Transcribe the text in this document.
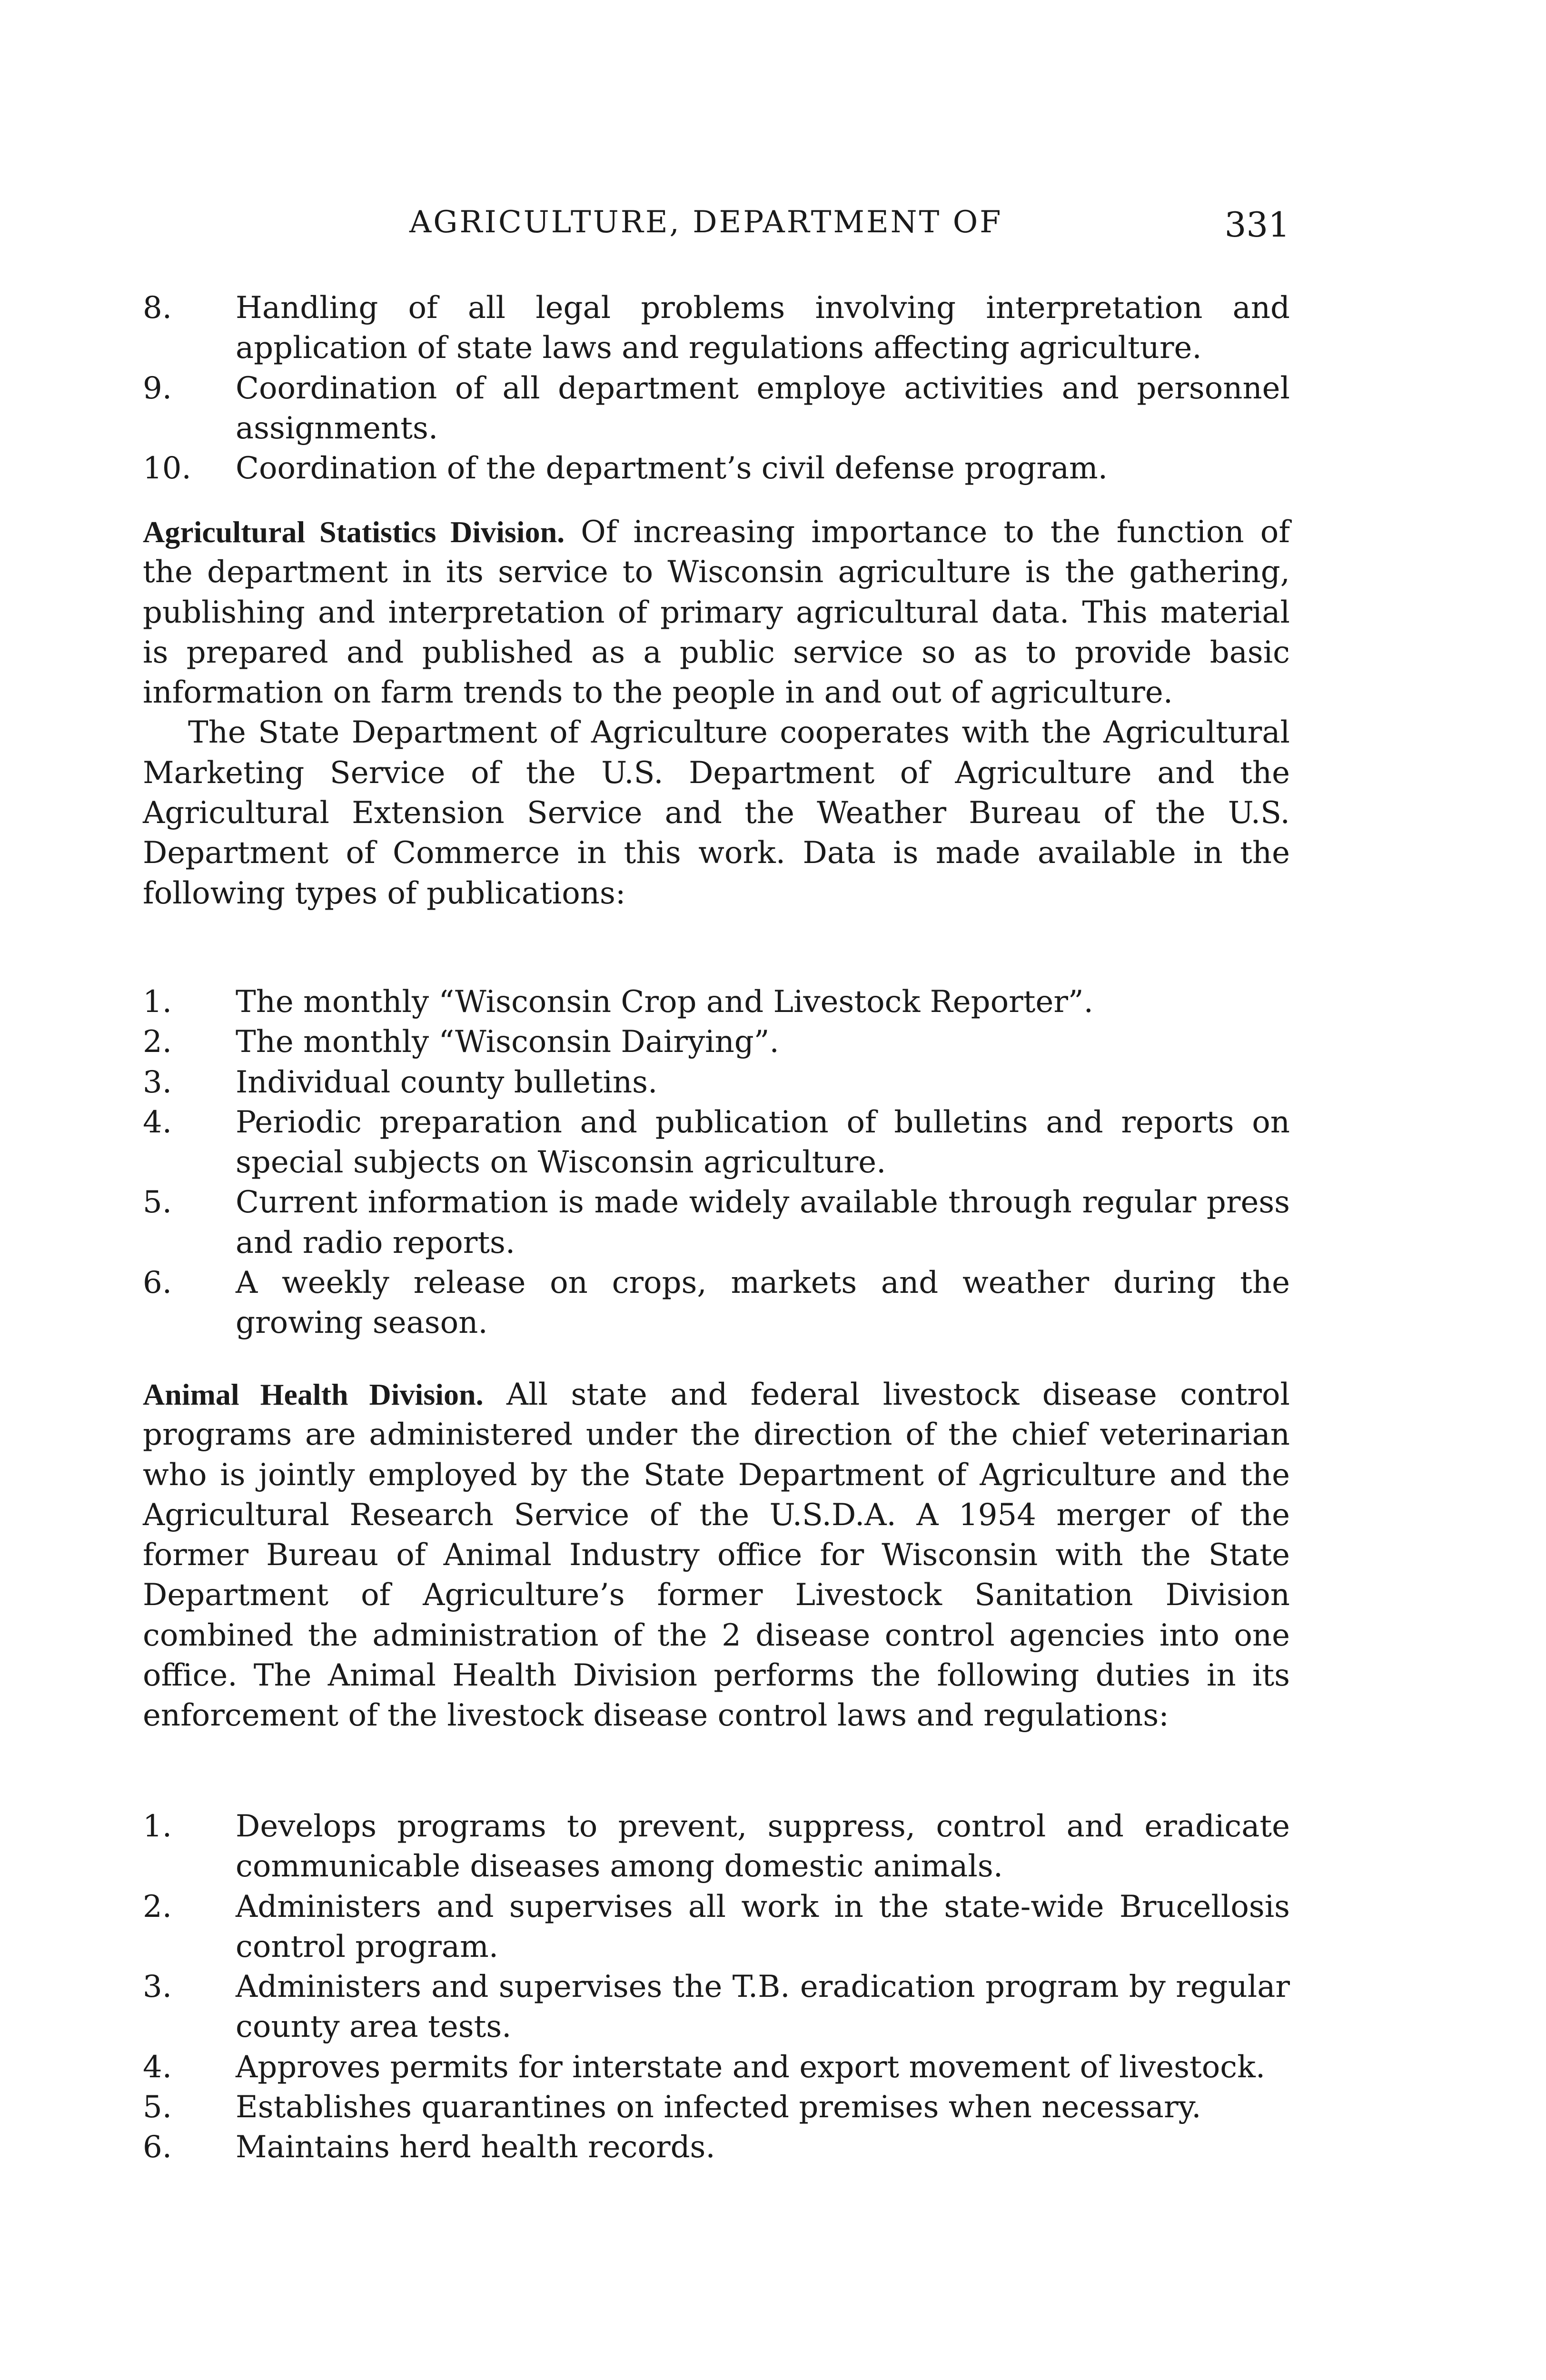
AGRICULTURE, DEPARTMENT OF	331
8.	Handling of all legal problems involving interpretation and application of state laws and regulations affecting agriculture.
9.	Coordination of all department employe activities and personnel assignments.
10.	Coordination of the department’s civil defense program.

Agricultural Statistics Division. Of increasing importance to the function of the department in its service to Wisconsin agriculture is the gathering, publishing and interpretation of primary agricultural data. This material is prepared and published as a public service so as to provide basic information on farm trends to the people in and out of agriculture.

The State Department of Agriculture cooperates with the Agricultural Marketing Service of the U.S. Department of Agriculture and the Agricultural Extension Service and the Weather Bureau of the U.S. Department of Commerce in this work. Data is made available in the following types of publications:

1.	The monthly “Wisconsin Crop and Livestock Reporter”.
2.	The monthly “Wisconsin Dairying”.
3.	Individual county bulletins.
4.	Periodic preparation and publication of bulletins and reports on special subjects on Wisconsin agriculture.
5.	Current information is made widely available through regular press and radio reports.
6.	A weekly release on crops, markets and weather during the growing season.

Animal Health Division. All state and federal livestock disease control programs are administered under the direction of the chief veterinarian who is jointly employed by the State Department of Agriculture and the Agricultural Research Service of the U.S.D.A. A 1954 merger of the former Bureau of Animal Industry office for Wisconsin with the State Department of Agriculture’s former Livestock Sanitation Division combined the administration of the 2 disease control agencies into one office. The Animal Health Division performs the following duties in its enforcement of the livestock disease control laws and regulations:

1.	Develops programs to prevent, suppress, control and eradicate communicable diseases among domestic animals.
2.	Administers and supervises all work in the state-wide Brucellosis control program.
3.	Administers and supervises the T.B. eradication program by regular county area tests.
4.	Approves permits for interstate and export movement of livestock.
5.	Establishes quarantines on infected premises when necessary.
6.	Maintains herd health records.
